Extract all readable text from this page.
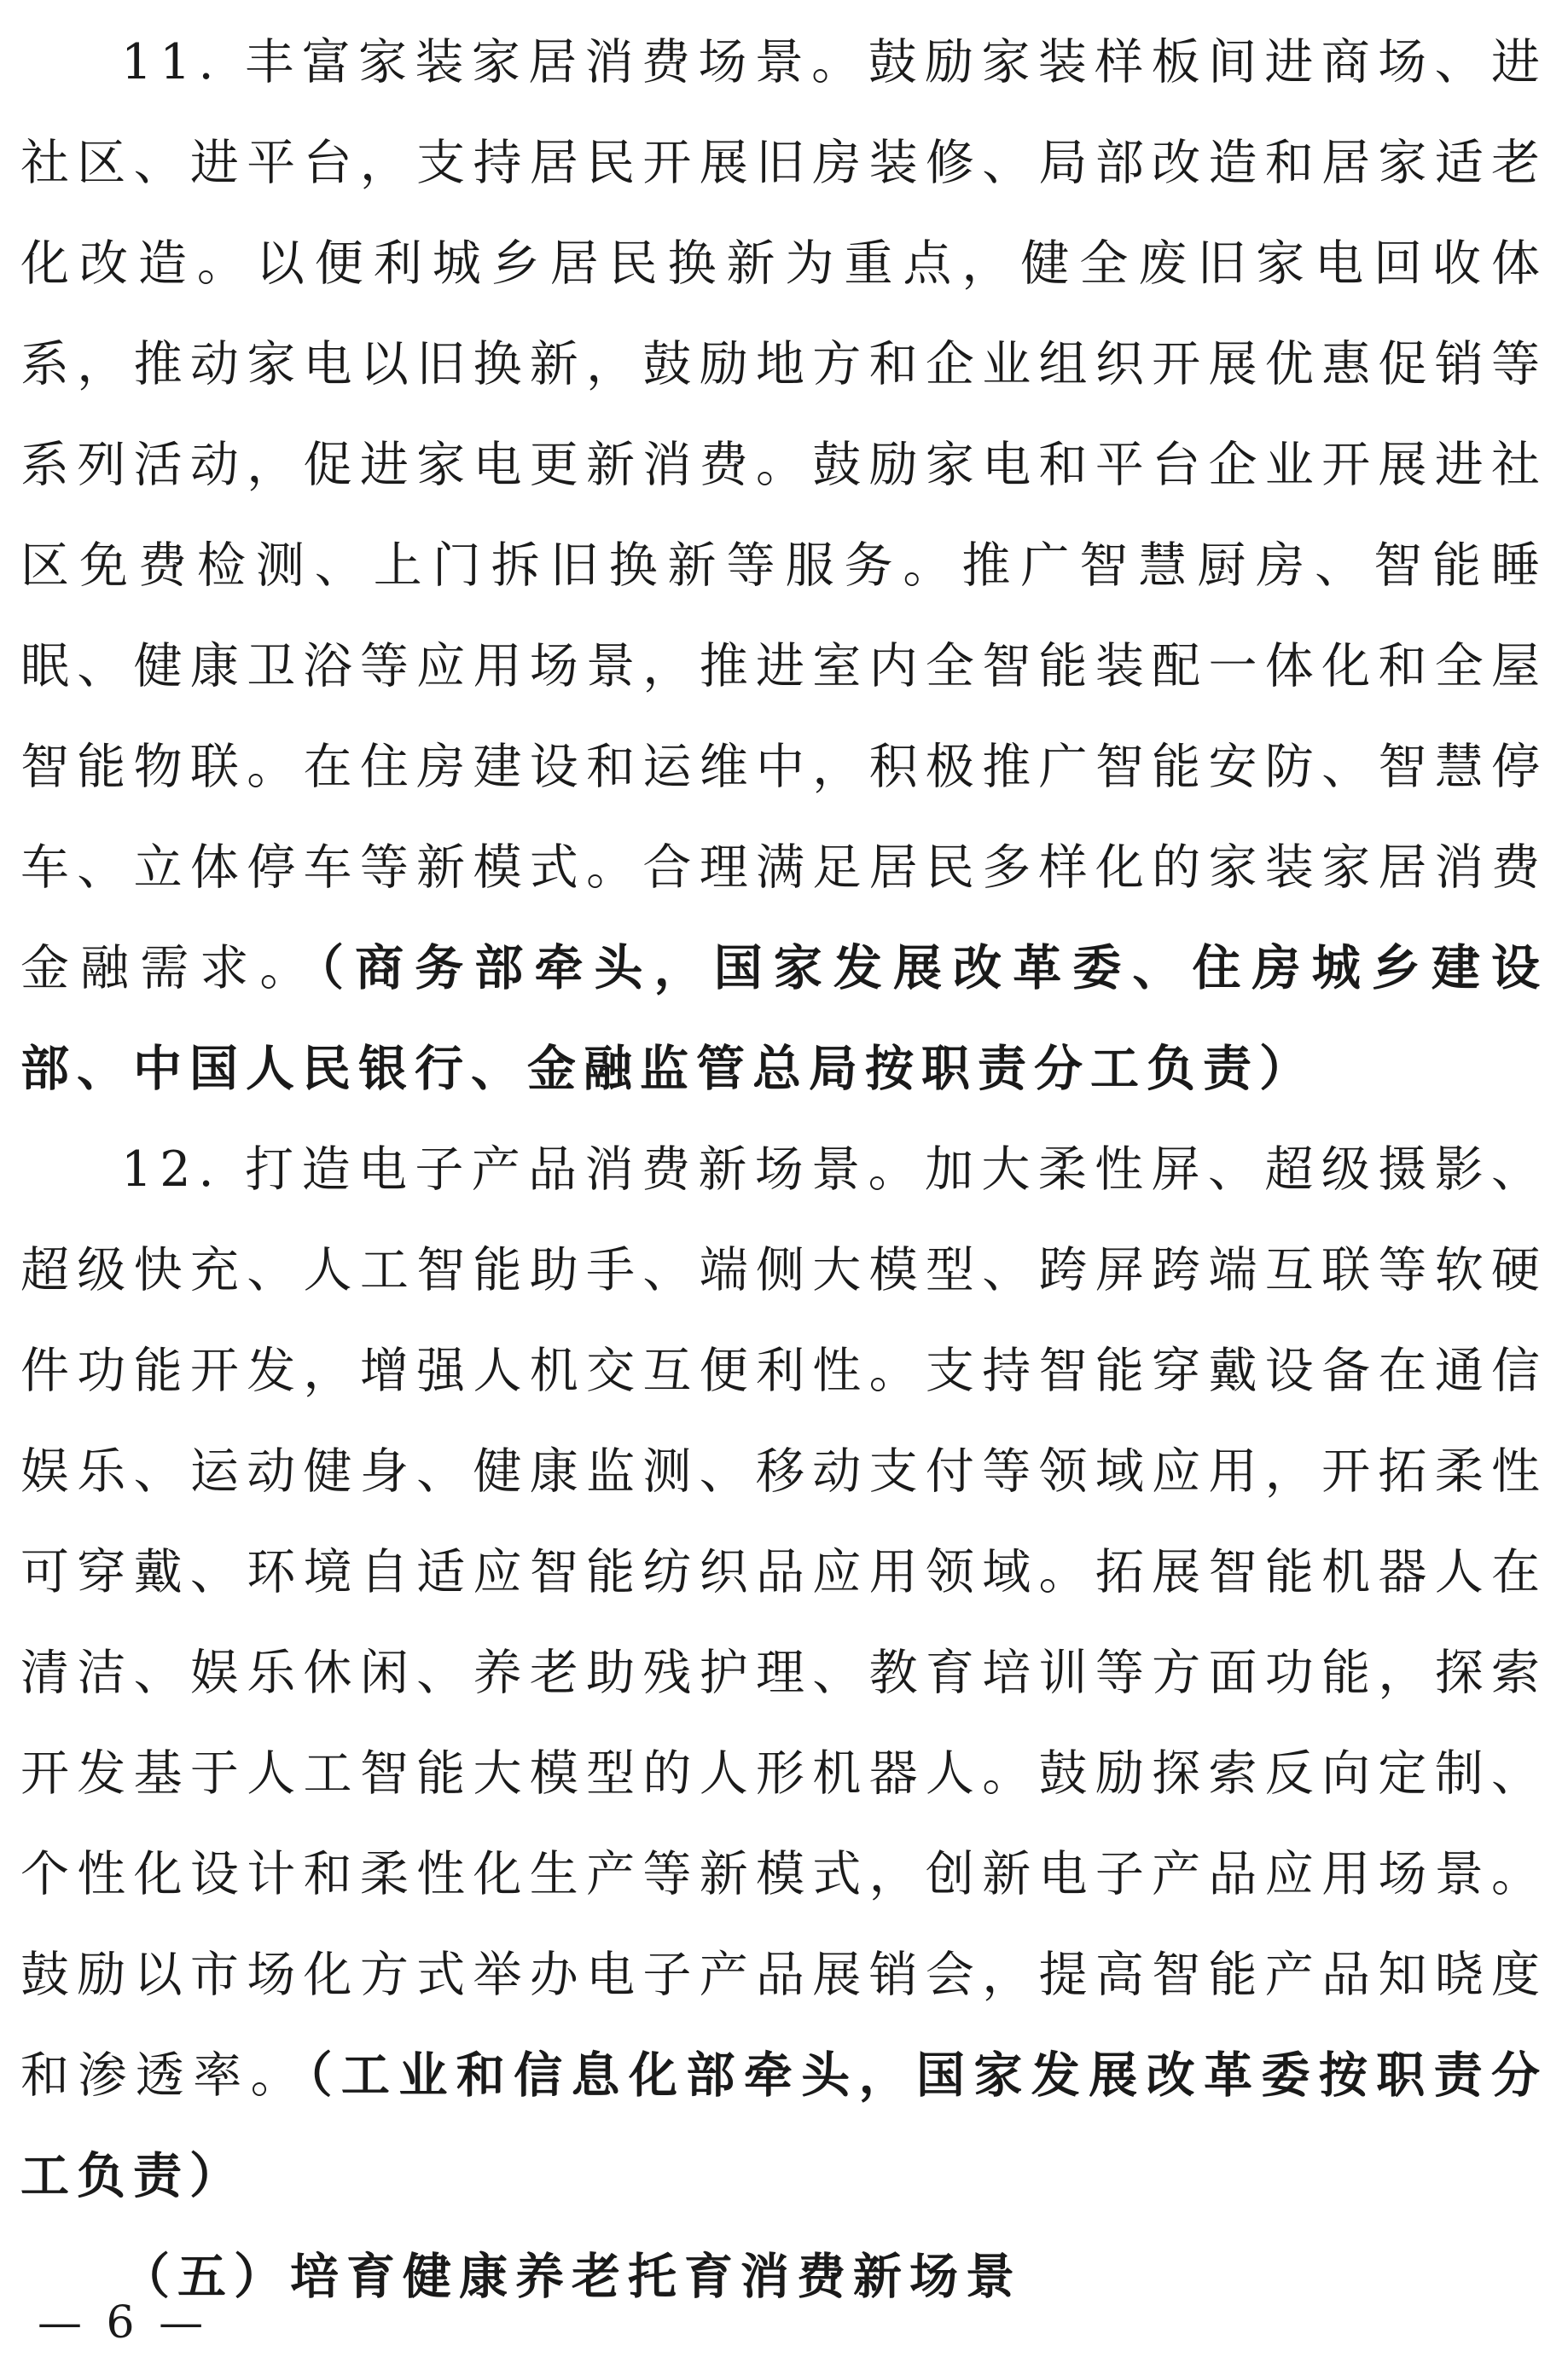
11. 丰富家装家居消费场景。鼓励家装样板间进商场、进社区、进平台，支持居民开展旧房装修、局部改造和居家适老化改造。以便利城乡居民换新为重点，健全废旧家电回收体系，推动家电以旧换新，鼓励地方和企业组织开展优惠促销等系列活动，促进家电更新消费。鼓励家电和平台企业开展进社区免费检测、上门拆旧换新等服务。推广智慧厨房、智能睡眠、健康卫浴等应用场景，推进室内全智能装配一体化和全屋智能物联。在住房建设和运维中，积极推广智能安防、智慧停车、立体停车等新模式。合理满足居民多样化的家装家居消费金融需求。（商务部牵头，国家发展改革委、住房城乡建设部、中国人民银行、金融监管总局按职责分工负责）

12. 打造电子产品消费新场景。加大柔性屏、超级摄影、超级快充、人工智能助手、端侧大模型、跨屏跨端互联等软硬件功能开发，增强人机交互便利性。支持智能穿戴设备在通信娱乐、运动健身、健康监测、移动支付等领域应用，开拓柔性可穿戴、环境自适应智能纺织品应用领域。拓展智能机器人在清洁、娱乐休闲、养老助残护理、教育培训等方面功能，探索开发基于人工智能大模型的人形机器人。鼓励探索反向定制、个性化设计和柔性化生产等新模式，创新电子产品应用场景。鼓励以市场化方式举办电子产品展销会，提高智能产品知晓度和渗透率。（工业和信息化部牵头，国家发展改革委按职责分工负责）

（五）培育健康养老托育消费新场景

— 6 —
